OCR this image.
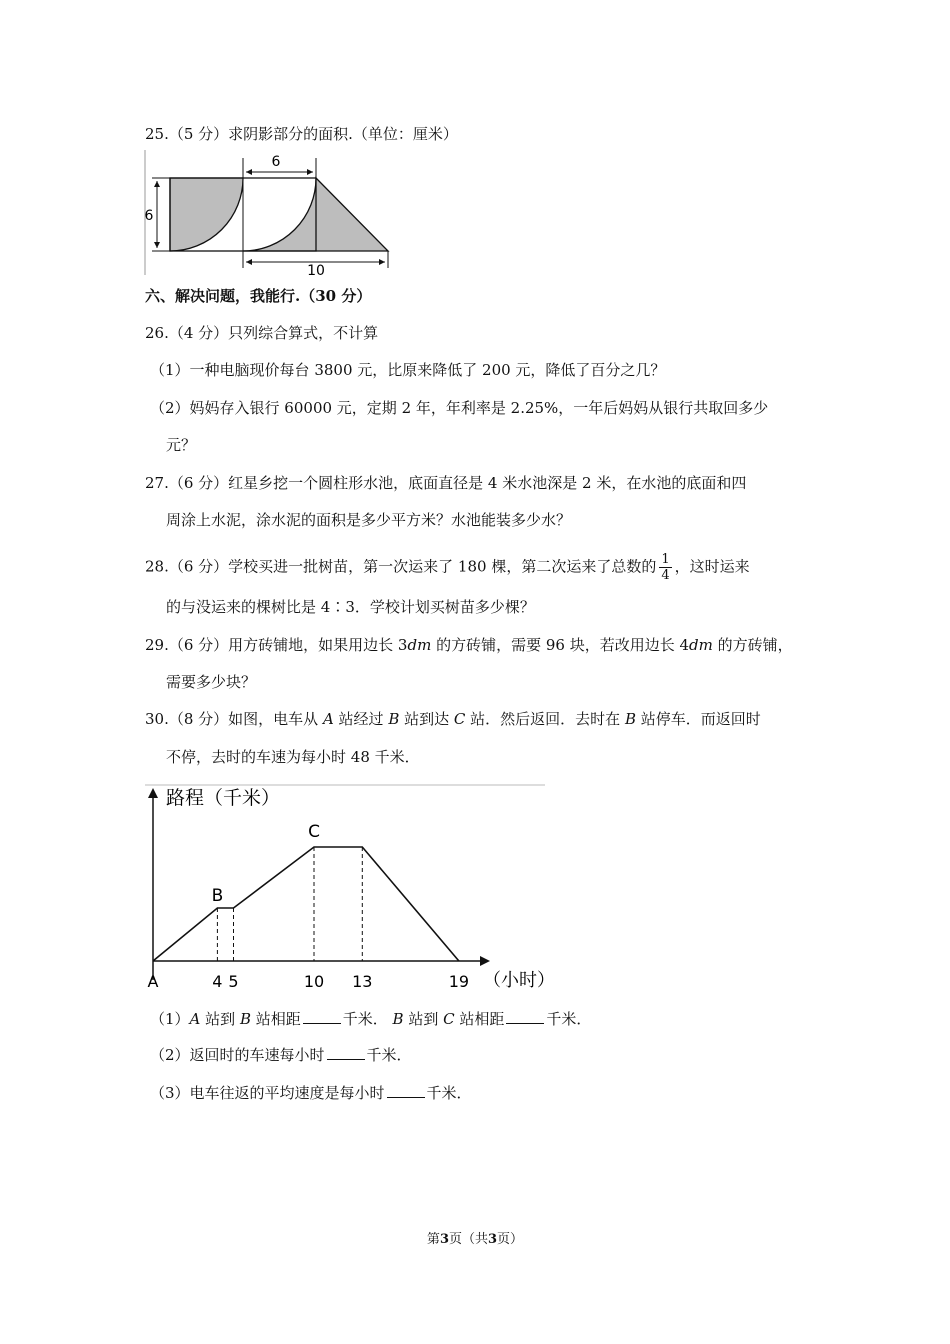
25.（5 分）求阴影部分的面积.（单位：厘米）
6
6
10
六、解决问题，我能行.（30 分）
26.（4 分）只列综合算式，不计算
（1）一种电脑现价每台 3800 元，比原来降低了 200 元，降低了百分之几？
（2）妈妈存入银行 60000 元，定期 2 年，年利率是 2.25%，一年后妈妈从银行共取回多少
元？
27.（6 分）红星乡挖一个圆柱形水池，底面直径是 4 米水池深是 2 米，在水池的底面和四
周涂上水泥，涂水泥的面积是多少平方米？水池能装多少水？
28.（6 分）学校买进一批树苗，第一次运来了 180 棵，第二次运来了总数的 $\frac{1}{4}$ ，这时运来
的与没运来的棵树比是 4∶3．学校计划买树苗多少棵？
29.（6 分）用方砖铺地，如果用边长 3dm 的方砖铺，需要 96 块，若改用边长 4dm 的方砖铺，
需要多少块？
30.（8 分）如图，电车从 A 站经过 B 站到达 C 站．然后返回．去时在 B 站停车．而返回时
不停，去时的车速为每小时 48 千米．
路程（千米）
（小时）
A	4 5	10 13	19
B
C
（1）A 站到 B 站相距	千米． B 站到 C 站相距	千米．
（2）返回时的车速每小时	千米．
（3）电车往返的平均速度是每小时	千米．
第3页（共3页）
